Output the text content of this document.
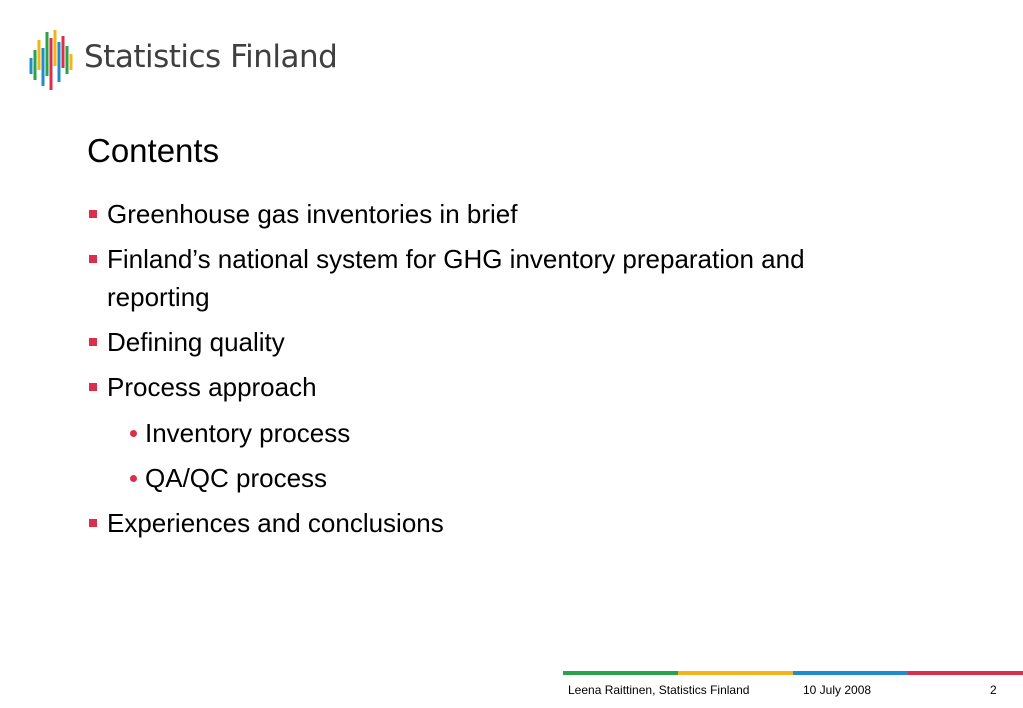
Statistics Finland
Contents
Greenhouse gas inventories in brief
Finland’s national system for GHG inventory preparation and reporting
Defining quality
Process approach
Inventory process
QA/QC process
Experiences and conclusions
Leena Raittinen, Statistics Finland	10 July 2008	2
